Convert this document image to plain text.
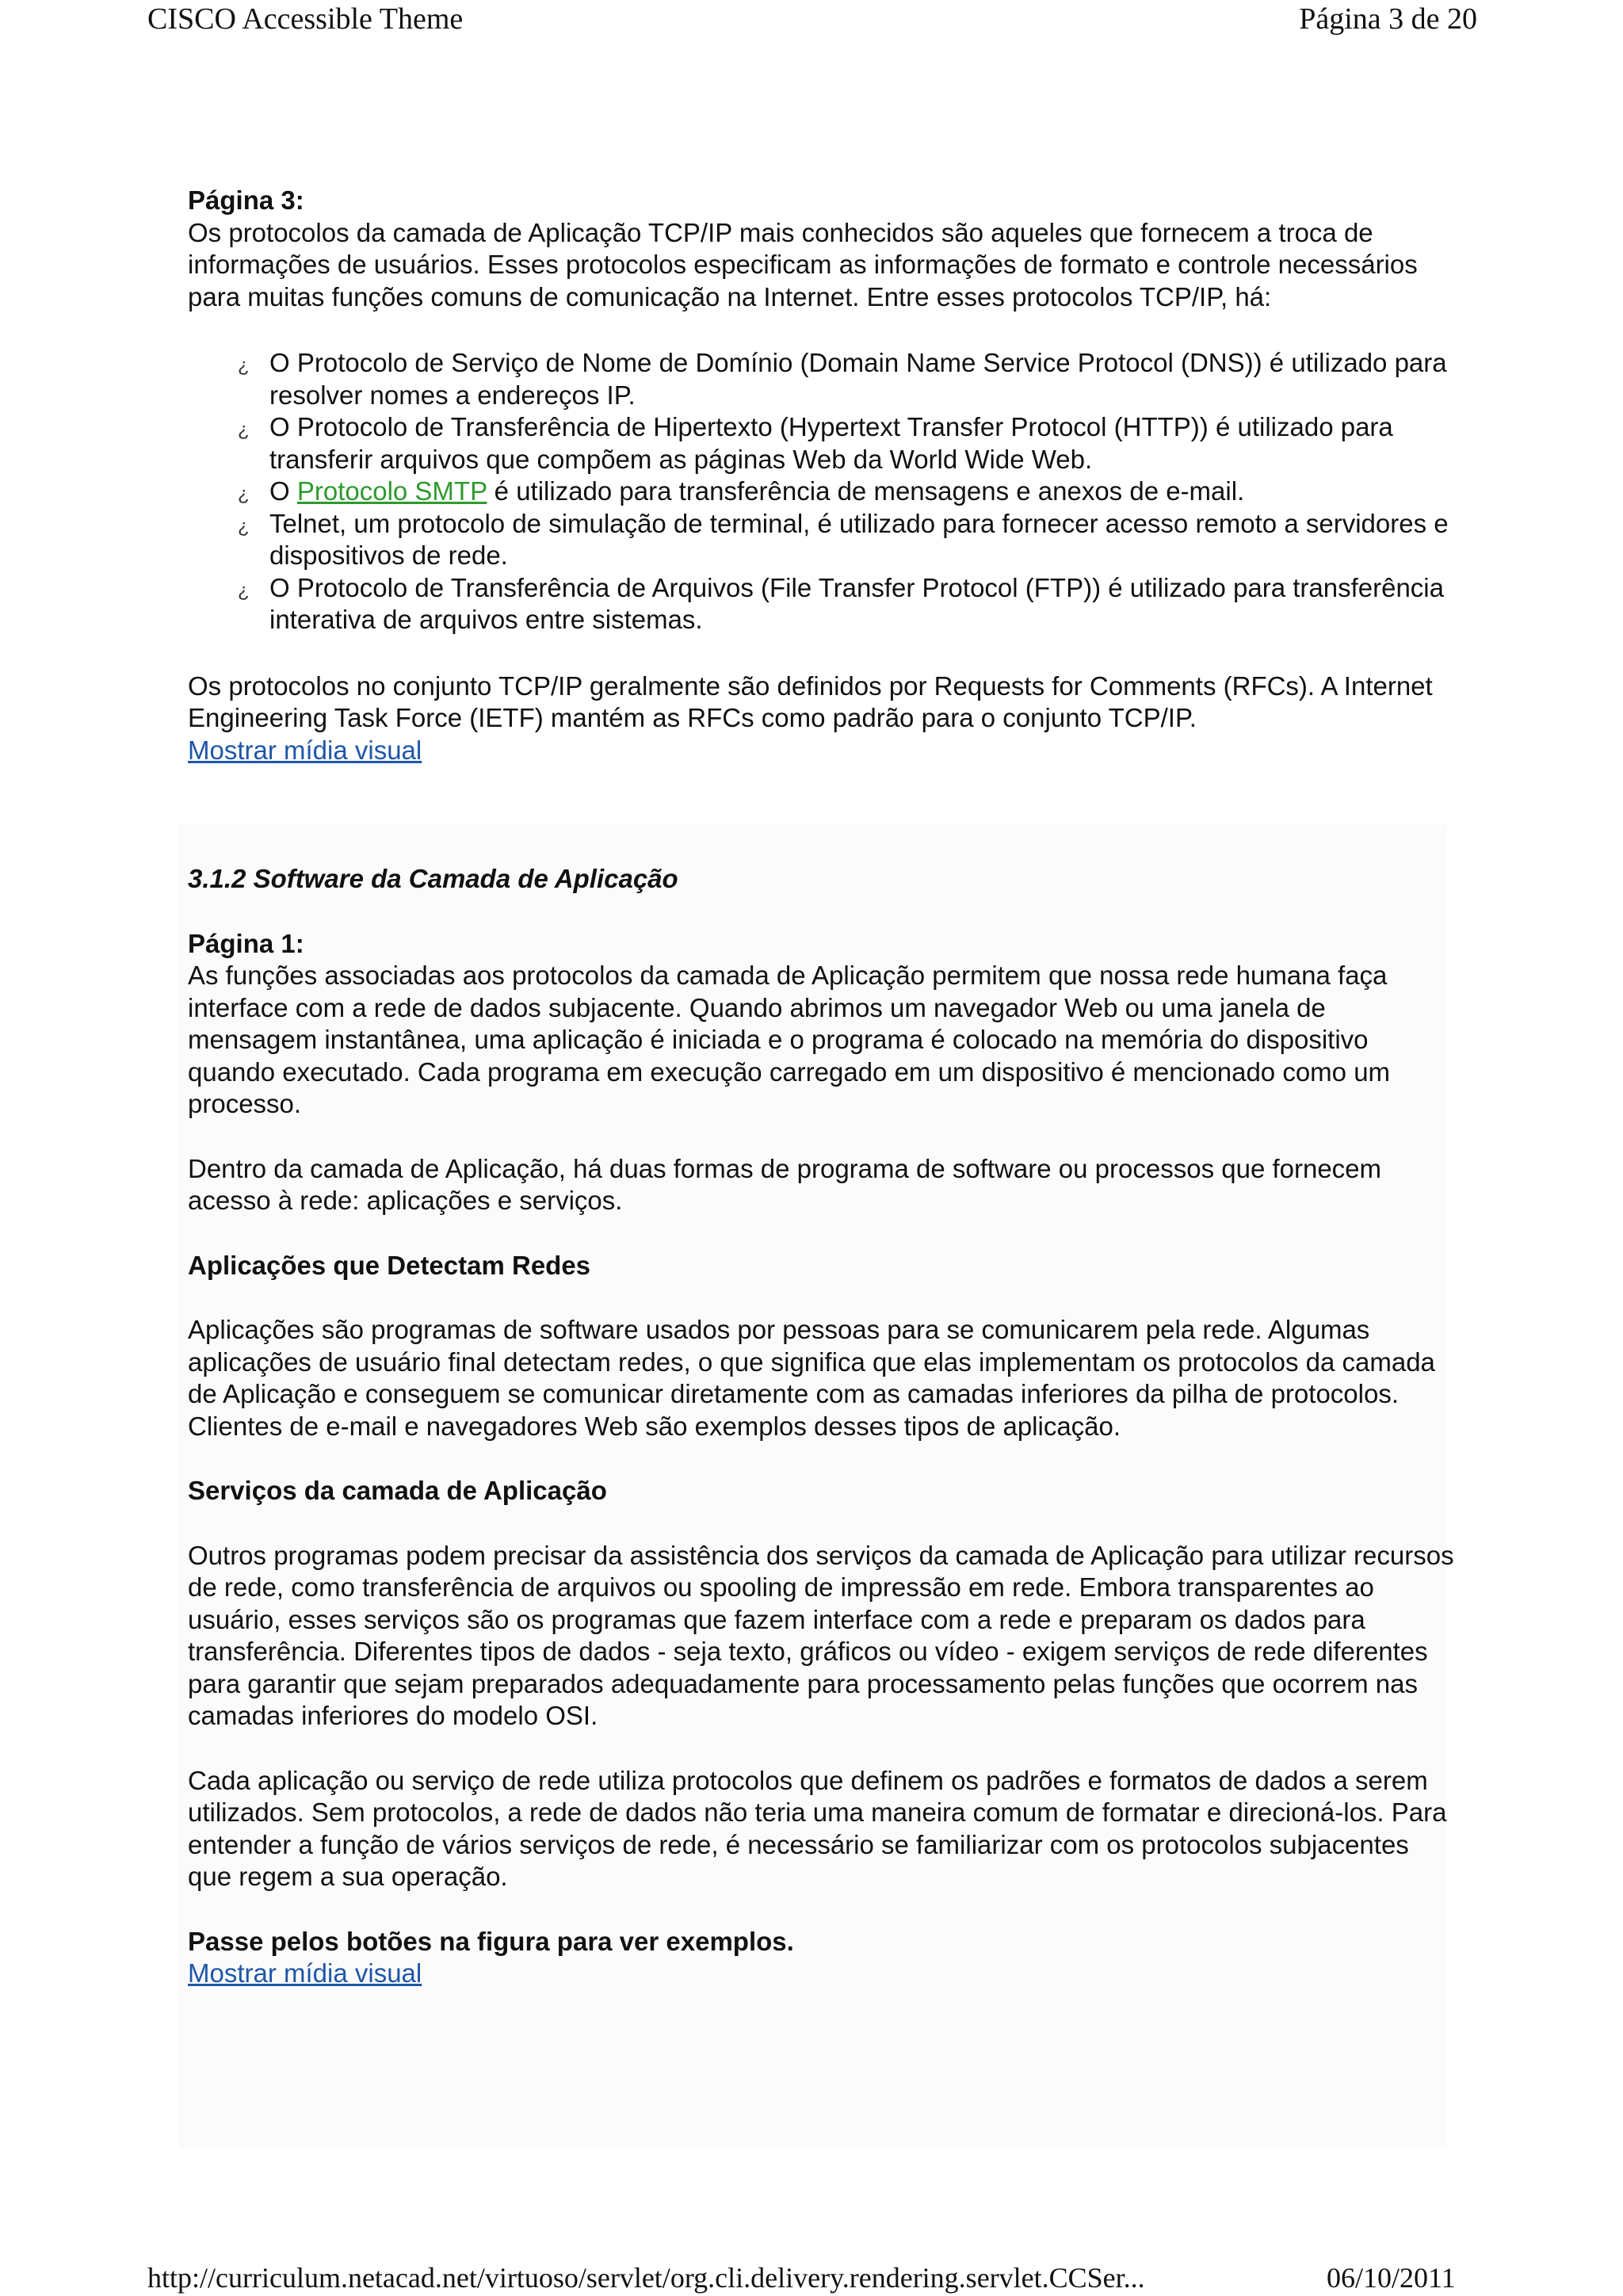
CISCO Accessible Theme	Página 3 de 20

Página 3:

Os protocolos da camada de Aplicação TCP/IP mais conhecidos são aqueles que fornecem a troca de informações de usuários. Esses protocolos especificam as informações de formato e controle necessários para muitas funções comuns de comunicação na Internet. Entre esses protocolos TCP/IP, há:

¿ O Protocolo de Serviço de Nome de Domínio (Domain Name Service Protocol (DNS)) é utilizado para resolver nomes a endereços IP.
¿ O Protocolo de Transferência de Hipertexto (Hypertext Transfer Protocol (HTTP)) é utilizado para transferir arquivos que compõem as páginas Web da World Wide Web.
¿ O Protocolo SMTP é utilizado para transferência de mensagens e anexos de e-mail.
¿ Telnet, um protocolo de simulação de terminal, é utilizado para fornecer acesso remoto a servidores e dispositivos de rede.
¿ O Protocolo de Transferência de Arquivos (File Transfer Protocol (FTP)) é utilizado para transferência interativa de arquivos entre sistemas.

Os protocolos no conjunto TCP/IP geralmente são definidos por Requests for Comments (RFCs). A Internet Engineering Task Force (IETF) mantém as RFCs como padrão para o conjunto TCP/IP.

Mostrar mídia visual

3.1.2 Software da Camada de Aplicação

Página 1:

As funções associadas aos protocolos da camada de Aplicação permitem que nossa rede humana faça interface com a rede de dados subjacente. Quando abrimos um navegador Web ou uma janela de mensagem instantânea, uma aplicação é iniciada e o programa é colocado na memória do dispositivo quando executado. Cada programa em execução carregado em um dispositivo é mencionado como um processo.

Dentro da camada de Aplicação, há duas formas de programa de software ou processos que fornecem acesso à rede: aplicações e serviços.

Aplicações que Detectam Redes

Aplicações são programas de software usados por pessoas para se comunicarem pela rede. Algumas aplicações de usuário final detectam redes, o que significa que elas implementam os protocolos da camada de Aplicação e conseguem se comunicar diretamente com as camadas inferiores da pilha de protocolos. Clientes de e-mail e navegadores Web são exemplos desses tipos de aplicação.

Serviços da camada de Aplicação

Outros programas podem precisar da assistência dos serviços da camada de Aplicação para utilizar recursos de rede, como transferência de arquivos ou spooling de impressão em rede. Embora transparentes ao usuário, esses serviços são os programas que fazem interface com a rede e preparam os dados para transferência. Diferentes tipos de dados - seja texto, gráficos ou vídeo - exigem serviços de rede diferentes para garantir que sejam preparados adequadamente para processamento pelas funções que ocorrem nas camadas inferiores do modelo OSI.

Cada aplicação ou serviço de rede utiliza protocolos que definem os padrões e formatos de dados a serem utilizados. Sem protocolos, a rede de dados não teria uma maneira comum de formatar e direcioná-los. Para entender a função de vários serviços de rede, é necessário se familiarizar com os protocolos subjacentes que regem a sua operação.

Passe pelos botões na figura para ver exemplos.

Mostrar mídia visual

http://curriculum.netacad.net/virtuoso/servlet/org.cli.delivery.rendering.servlet.CCSer...	06/10/2011
